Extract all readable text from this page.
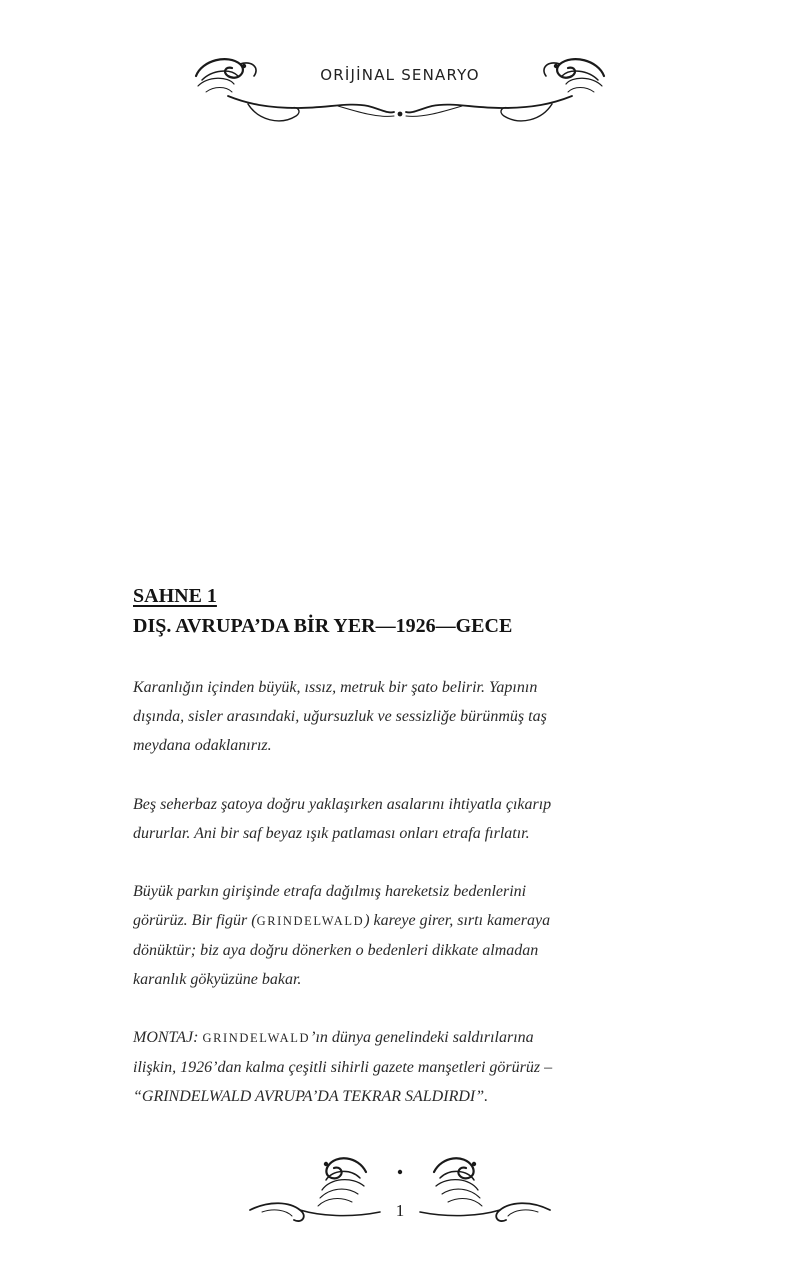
ORİJİNAL SENARYO
SAHNE 1
DIŞ. AVRUPA’DA BİR YER—1926—GECE

Karanlığın içinden büyük, ıssız, metruk bir şato belirir. Yapının
dışında, sisler arasındaki, uğursuzluk ve sessizliğe bürünmüş taş
meydana odaklanırız.

Beş seherbaz şatoya doğru yaklaşırken asalarını ihtiyatla çıkarıp
dururlar. Ani bir saf beyaz ışık patlaması onları etrafa fırlatır.

Büyük parkın girişinde etrafa dağılmış hareketsiz bedenlerini
görürüz. Bir figür (GRINDELWALD) kareye girer, sırtı kameraya
dönüktür; biz aya doğru dönerken o bedenleri dikkate almadan
karanlık gökyüzüne bakar.

MONTAJ: GRINDELWALD’ın dünya genelindeki saldırılarına
ilişkin, 1926’dan kalma çeşitli sihirli gazete manşetleri görürüz –
“GRINDELWALD AVRUPA’DA TEKRAR SALDIRDI”.

1
